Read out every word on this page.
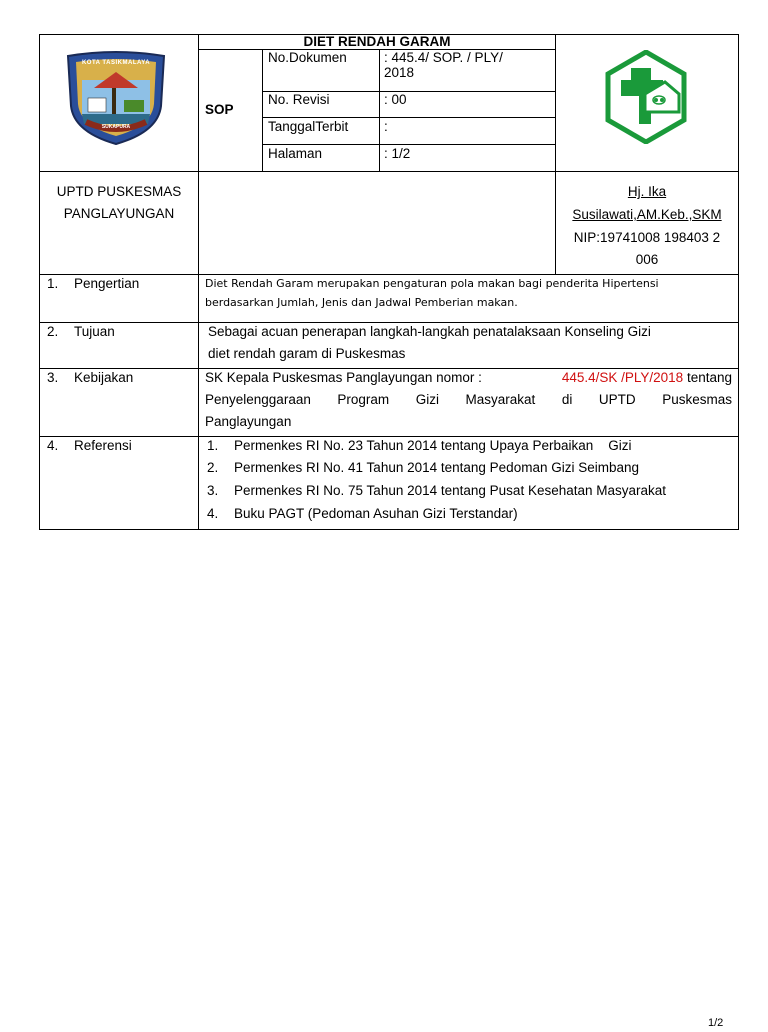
KOTA TASIKMALAYA
SUKAPURA
DIET RENDAH GARAM
SOP
No.Dokumen	: 445.4/ SOP. / PLY/
2018
No. Revisi	: 00
TanggalTerbit	:
Halaman	: 1/2
UPTD PUSKESMAS
PANGLAYUNGAN
Hj. Ika
Susilawati,AM.Keb.,SKM
NIP:19741008 198403 2
006
1. Pengertian	Diet Rendah Garam merupakan pengaturan pola makan bagi penderita Hipertensi
berdasarkan Jumlah, Jenis dan Jadwal Pemberian makan.
2. Tujuan	Sebagai acuan penerapan langkah-langkah penatalaksaan Konseling Gizi
diet rendah garam di Puskesmas
3. Kebijakan	SK Kepala Puskesmas Panglayungan nomor :	445.4/SK /PLY/2018 tentang
Penyelenggaraan Program Gizi Masyarakat di UPTD Puskesmas
Panglayungan
4. Referensi	1. Permenkes RI No. 23 Tahun 2014 tentang Upaya Perbaikan    Gizi
2. Permenkes RI No. 41 Tahun 2014 tentang Pedoman Gizi Seimbang
3. Permenkes RI No. 75 Tahun 2014 tentang Pusat Kesehatan Masyarakat
4. Buku PAGT (Pedoman Asuhan Gizi Terstandar)
1/2
